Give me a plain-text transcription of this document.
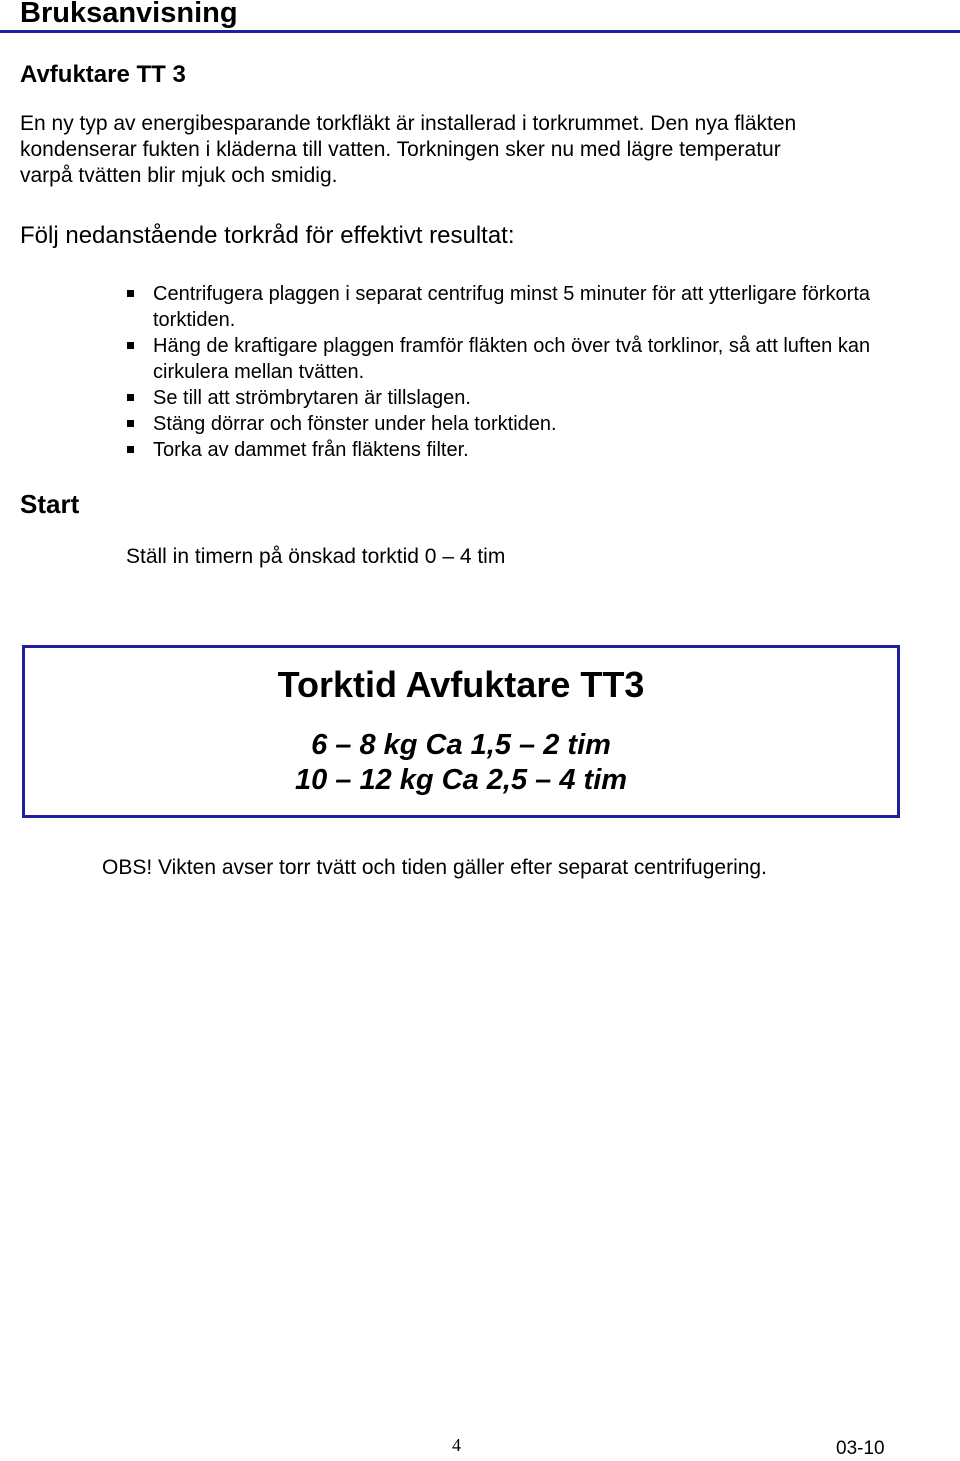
Bruksanvisning
Avfuktare TT 3
En ny typ av energibesparande torkfläkt är installerad i torkrummet. Den nya fläkten
kondenserar fukten i kläderna till vatten. Torkningen sker nu med lägre temperatur
varpå tvätten blir mjuk och smidig.
Följ nedanstående torkråd för effektivt resultat:
Centrifugera plaggen i separat centrifug minst 5 minuter för att ytterligare förkorta torktiden.
Häng de kraftigare plaggen framför fläkten och över två torklinor, så att luften kan cirkulera mellan tvätten.
Se till att strömbrytaren är tillslagen.
Stäng dörrar och fönster under hela torktiden.
Torka av dammet från fläktens filter.
Start
Ställ in timern på önskad torktid 0 – 4 tim
Torktid Avfuktare TT3
6 – 8 kg Ca 1,5 – 2 tim
10 – 12 kg Ca 2,5 – 4 tim
OBS! Vikten avser torr tvätt och tiden gäller efter separat centrifugering.
4	03-10
